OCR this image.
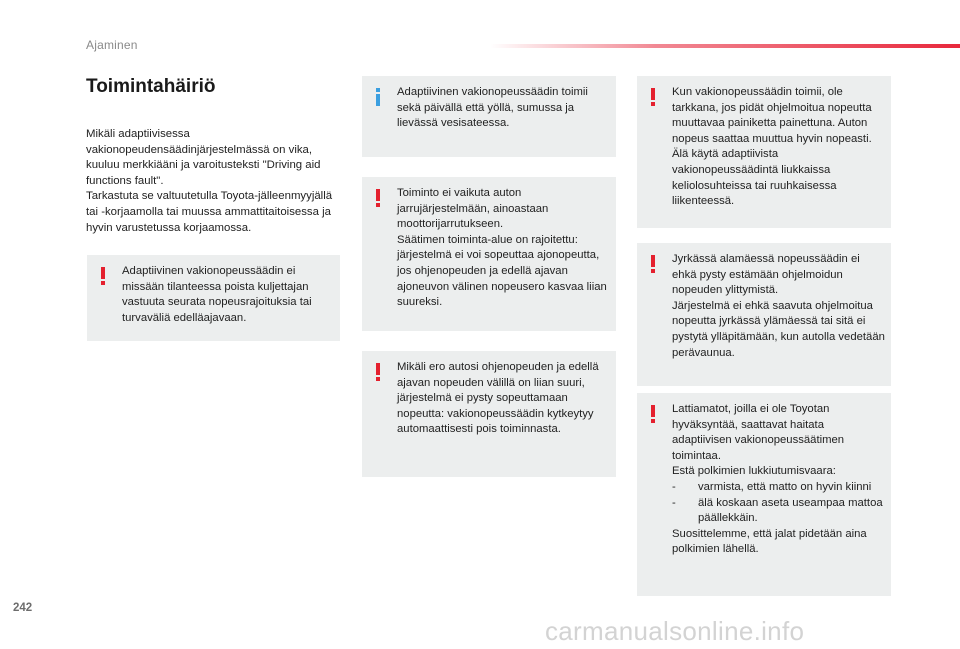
Ajaminen
Toimintahäiriö

Mikäli adaptiivisessa vakionopeudensäädinjärjestelmässä on vika, kuuluu merkkiääni ja varoitusteksti "Driving aid functions fault".

Tarkastuta se valtuutetulla Toyota-jälleenmyyjällä tai -korjaamolla tai muussa ammattitaitoisessa ja hyvin varustetussa korjaamossa.

Adaptiivinen vakionopeussäädin ei missään tilanteessa poista kuljettajan vastuuta seurata nopeusrajoituksia tai turvaväliä edelläajavaan.

Adaptiivinen vakionopeussäädin toimii sekä päivällä että yöllä, sumussa ja lievässä vesisateessa.

Toiminto ei vaikuta auton jarrujärjestelmään, ainoastaan moottorijarrutukseen.

Säätimen toiminta-alue on rajoitettu: järjestelmä ei voi sopeuttaa ajonopeutta, jos ohjenopeuden ja edellä ajavan ajoneuvon välinen nopeusero kasvaa liian suureksi.

Mikäli ero autosi ohjenopeuden ja edellä ajavan nopeuden välillä on liian suuri, järjestelmä ei pysty sopeuttamaan nopeutta: vakionopeussäädin kytkeytyy automaattisesti pois toiminnasta.

Kun vakionopeussäädin toimii, ole tarkkana, jos pidät ohjelmoitua nopeutta muuttavaa painiketta painettuna. Auton nopeus saattaa muuttua hyvin nopeasti.

Älä käytä adaptiivista vakionopeussäädintä liukkaissa keliolosuhteissa tai ruuhkaisessa liikenteessä.

Jyrkässä alamäessä nopeussäädin ei ehkä pysty estämään ohjelmoidun nopeuden ylittymistä.

Järjestelmä ei ehkä saavuta ohjelmoitua nopeutta jyrkässä ylämäessä tai sitä ei pystytä ylläpitämään, kun autolla vedetään perävaunua.

Lattiamatot, joilla ei ole Toyotan hyväksyntää, saattavat haitata adaptiivisen vakionopeussäätimen toimintaa.

Estä polkimien lukkiutumisvaara:

-	varmista, että matto on hyvin kiinni
-	älä koskaan aseta useampaa mattoa päällekkäin.

Suosittelemme, että jalat pidetään aina polkimien lähellä.

242
carmanualsonline.info
